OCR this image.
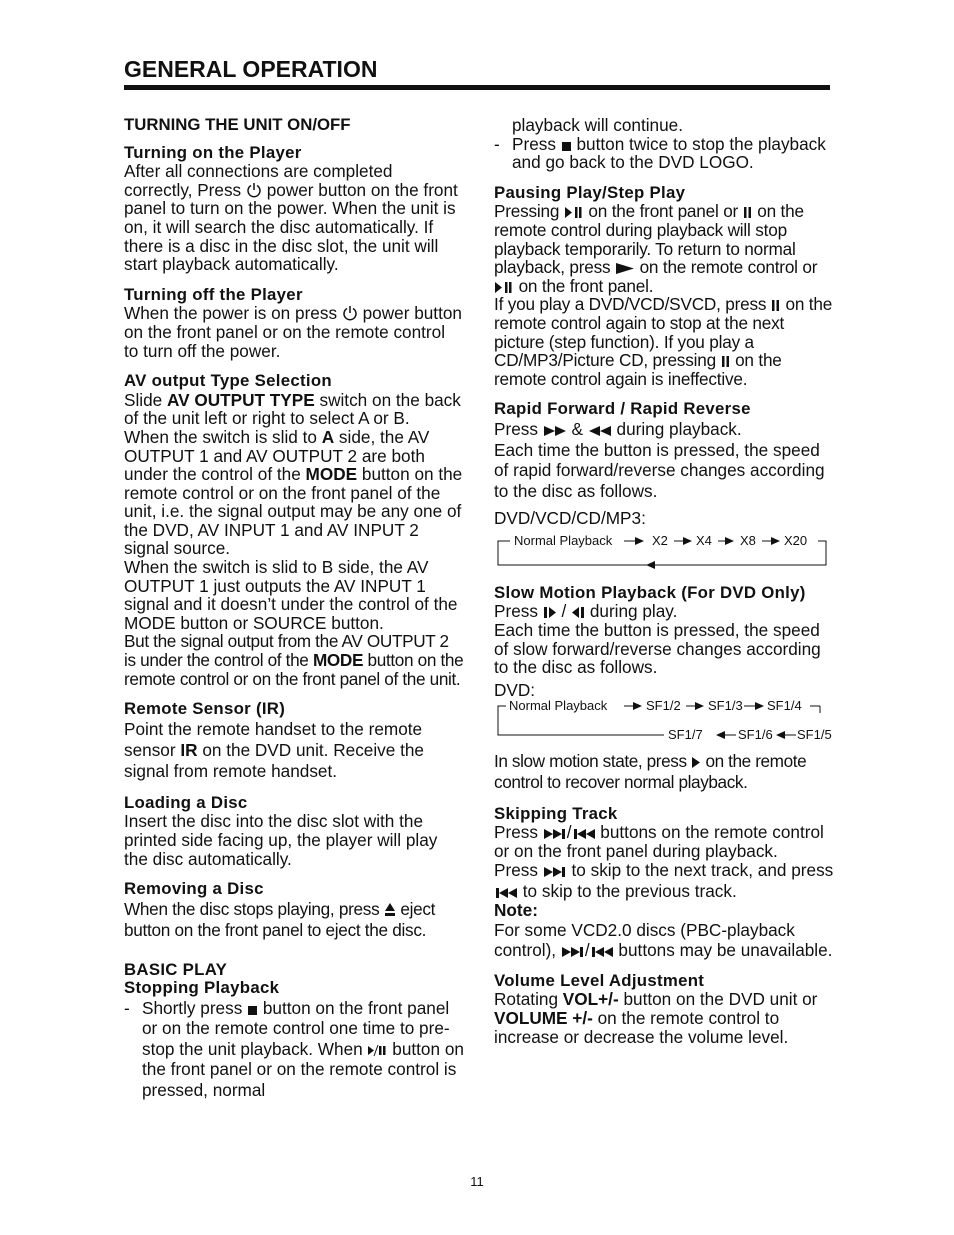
GENERAL OPERATION
TURNING THE UNIT ON/OFF
Turning on the Player

After all connections are completed correctly, Press  power button on the front panel to turn on the power. When the unit is on, it will search the disc automatically. If there is a disc in the disc slot, the unit will start playback automatically.

Turning off the Player

When the power is on press  power button on the front panel or on the remote control to turn off the power.

AV output Type Selection

Slide AV OUTPUT TYPE switch on the back of the unit left or right to select A or B.

When the switch is slid to A side, the AV OUTPUT 1 and AV OUTPUT 2 are both under the control of the MODE button on the remote control or on the front panel of the unit, i.e. the signal output may be any one of the DVD, AV INPUT 1 and AV INPUT 2 signal source.

When the switch is slid to B side, the AV OUTPUT 1 just outputs the AV INPUT 1 signal and it doesn’t under the control of the MODE button or SOURCE button.

But the signal output from the AV OUTPUT 2 is under the control of the MODE button on the remote control or on the front panel of the unit.

Remote Sensor (IR)

Point the remote handset to the remote sensor IR on the DVD unit. Receive the signal from remote handset.

Loading a Disc

Insert the disc into the disc slot with the printed side facing up, the player will play the disc automatically.

Removing a Disc

When the disc stops playing, press  eject button on the front panel to eject the disc.

BASIC PLAY
Stopping Playback

- Shortly press  button on the front panel or on the remote control one time to pre-stop the unit playback. When  button on the front panel or on the remote control is pressed, normal

playback will continue.

- Press  button twice to stop the playback and go back to the DVD LOGO.

Pausing Play/Step Play

Pressing  on the front panel or  on the remote control during playback will stop playback temporarily. To return to normal playback, press  on the remote control or  on the front panel.

If you play a DVD/VCD/SVCD, press  on the remote control again to stop at the next picture (step function). If you play a CD/MP3/Picture CD, pressing  on the remote control again is ineffective.

Rapid Forward / Rapid Reverse

Press  &  during playback.

Each time the button is pressed, the speed of rapid forward/reverse changes according to the disc as follows.

DVD/VCD/CD/MP3:

Normal Playback	X2 X4 X8 X20
Slow Motion Playback (For DVD Only)

Press  /  during play.

Each time the button is pressed, the speed of slow forward/reverse changes according to the disc as follows.

DVD:

Normal Playback	SF1/2 SF1/3 SF1/4
SF1/7	SF1/6 SF1/5

In slow motion state, press  on the remote control to recover normal playback.

Skipping Track

Press / buttons on the remote control or on the front panel during playback.

Press  to skip to the next track, and press  to skip to the previous track.

Note:

For some VCD2.0 discs (PBC-playback control), / buttons may be unavailable.

Volume Level Adjustment

Rotating VOL+/- button on the DVD unit or VOLUME +/- on the remote control to increase or decrease the volume level.

11
